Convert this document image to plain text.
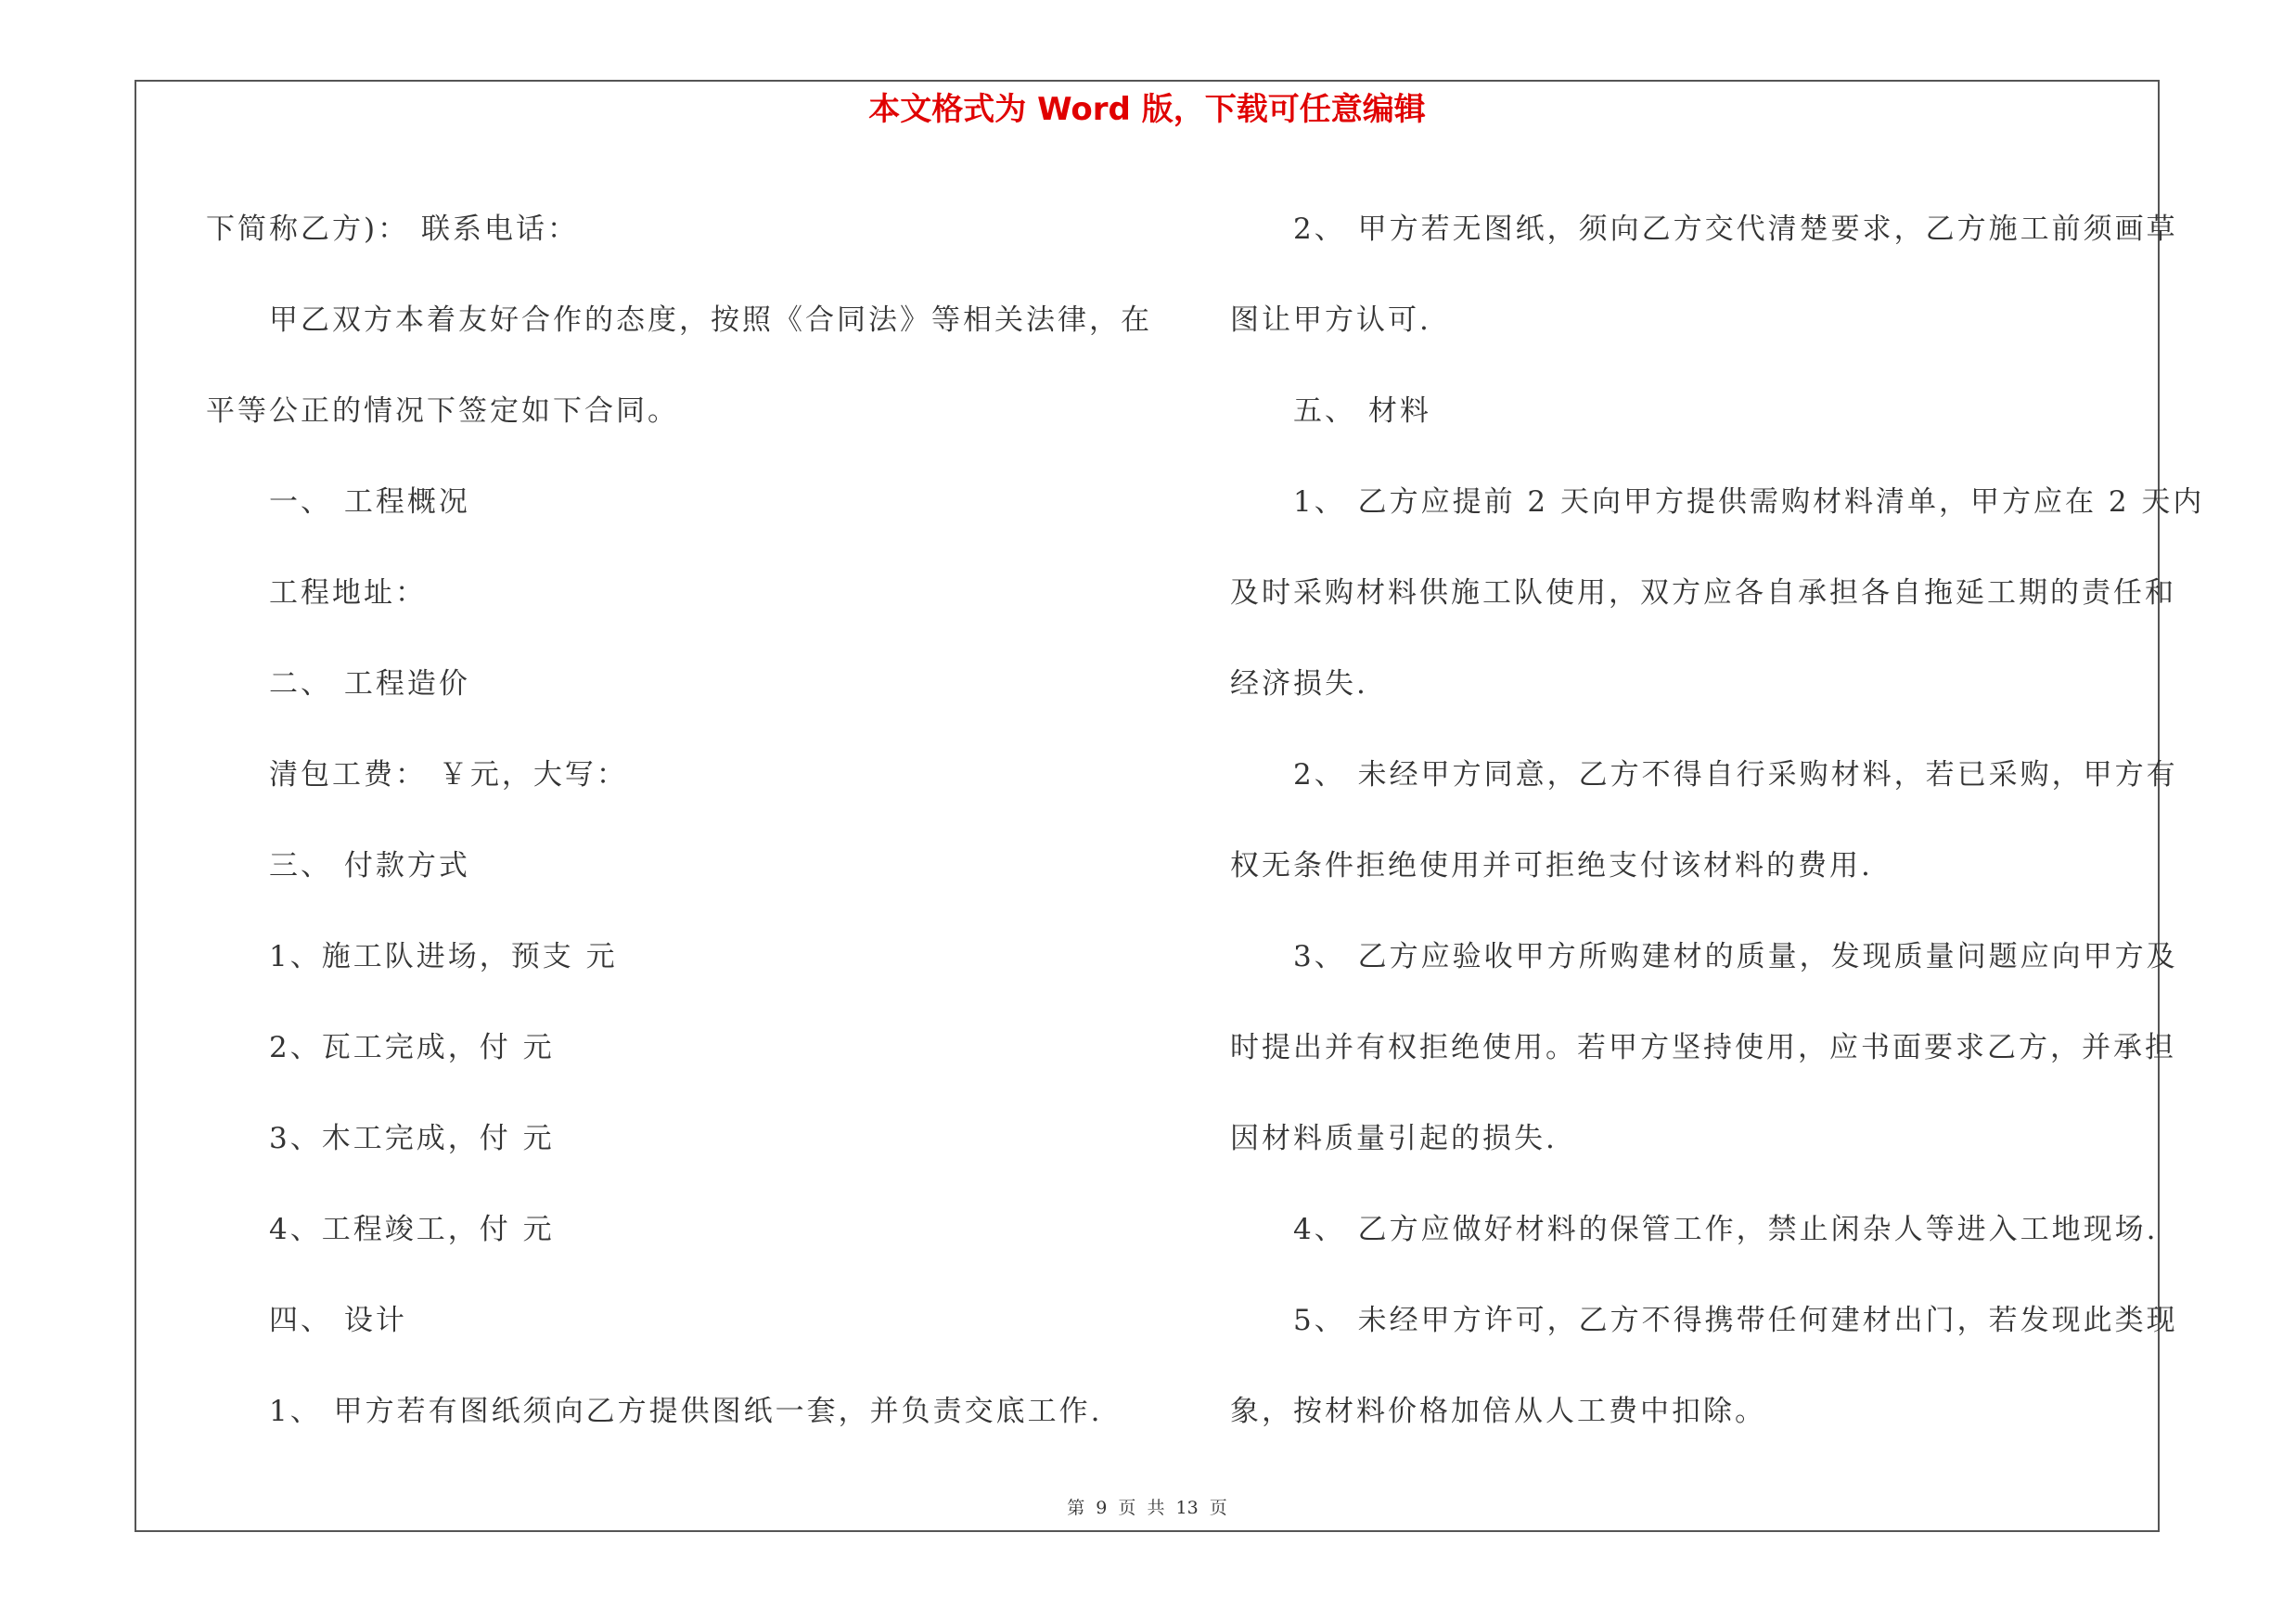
本文格式为 Word 版，下载可任意编辑
下简称乙方)： 联系电话：
甲乙双方本着友好合作的态度，按照《合同法》等相关法律，在
平等公正的情况下签定如下合同。
一、 工程概况
工程地址：
二、 工程造价
清包工费： ￥元，大写：
三、 付款方式
1、施工队进场，预支 元
2、瓦工完成，付 元
3、木工完成，付 元
4、工程竣工，付 元
四、 设计
1、 甲方若有图纸须向乙方提供图纸一套，并负责交底工作.
2、 甲方若无图纸，须向乙方交代清楚要求，乙方施工前须画草
图让甲方认可.
五、 材料
1、 乙方应提前 2 天向甲方提供需购材料清单，甲方应在 2 天内
及时采购材料供施工队使用，双方应各自承担各自拖延工期的责任和
经济损失.
2、 未经甲方同意，乙方不得自行采购材料，若已采购，甲方有
权无条件拒绝使用并可拒绝支付该材料的费用.
3、 乙方应验收甲方所购建材的质量，发现质量问题应向甲方及
时提出并有权拒绝使用。若甲方坚持使用，应书面要求乙方，并承担
因材料质量引起的损失.
4、 乙方应做好材料的保管工作，禁止闲杂人等进入工地现场.
5、 未经甲方许可，乙方不得携带任何建材出门，若发现此类现
象，按材料价格加倍从人工费中扣除。
第 9 页 共 13 页
